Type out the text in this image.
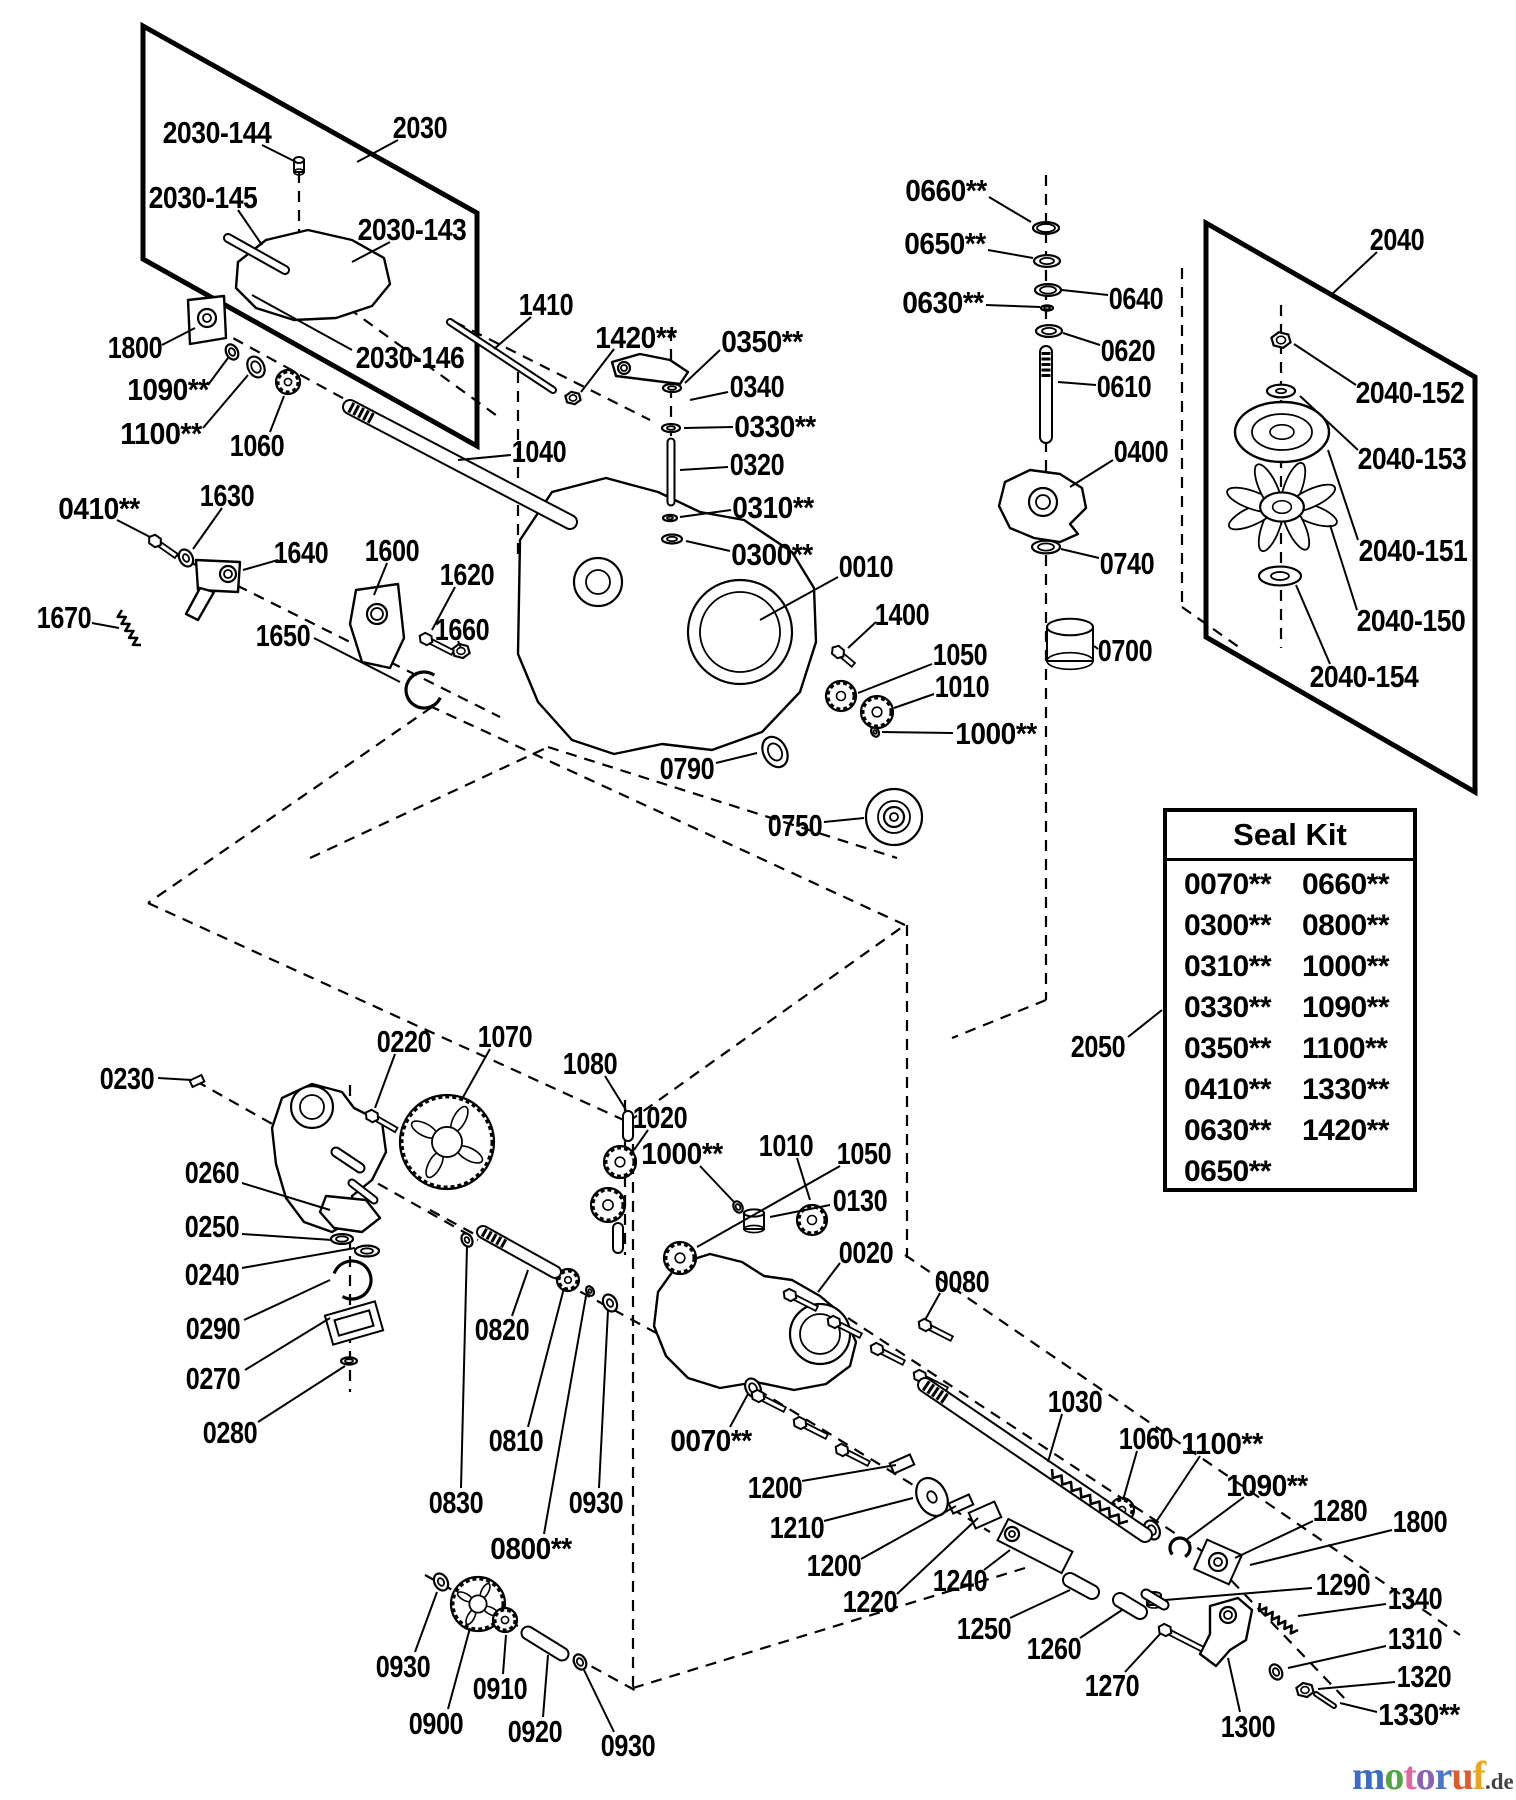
2030-144	2030
2030-145
2030-143
2030-146
1800
1090**
1100** 1060
1410
1040
1420** 0350**
0340
0330**
0320
0310**
0300** 0010
1400
1050
1010
1000**
0790
0750
0660**
0650**
0630**	0640
0620
0610
0400
0740
0700
2040
2040-152
2040-153
2040-151
2040-150
2040-154
2050
0230
0220 1070
1080
1020
1000** 1010 1050
0130
0020
0080
1030
0070**
1200
1210
1200
1220
1240
1250
1260
1270
1290 1340
1310
1320
1330**
1300
0930
0800**
0810
0820
0830
0900
0910
0920
0930
0930
1060 1100**
1090**
1280 1800
0260
0250
0240
0290
0270
0280
1600
1620
1660
1640
1630
0410**
1670
1650
Seal Kit
0070**	0660**
0300**	0800**
0310**	1000**
0330**	1090**
0350**	1100**
0410**	1330**
0630**	1420**
0650**
motoruf.de
